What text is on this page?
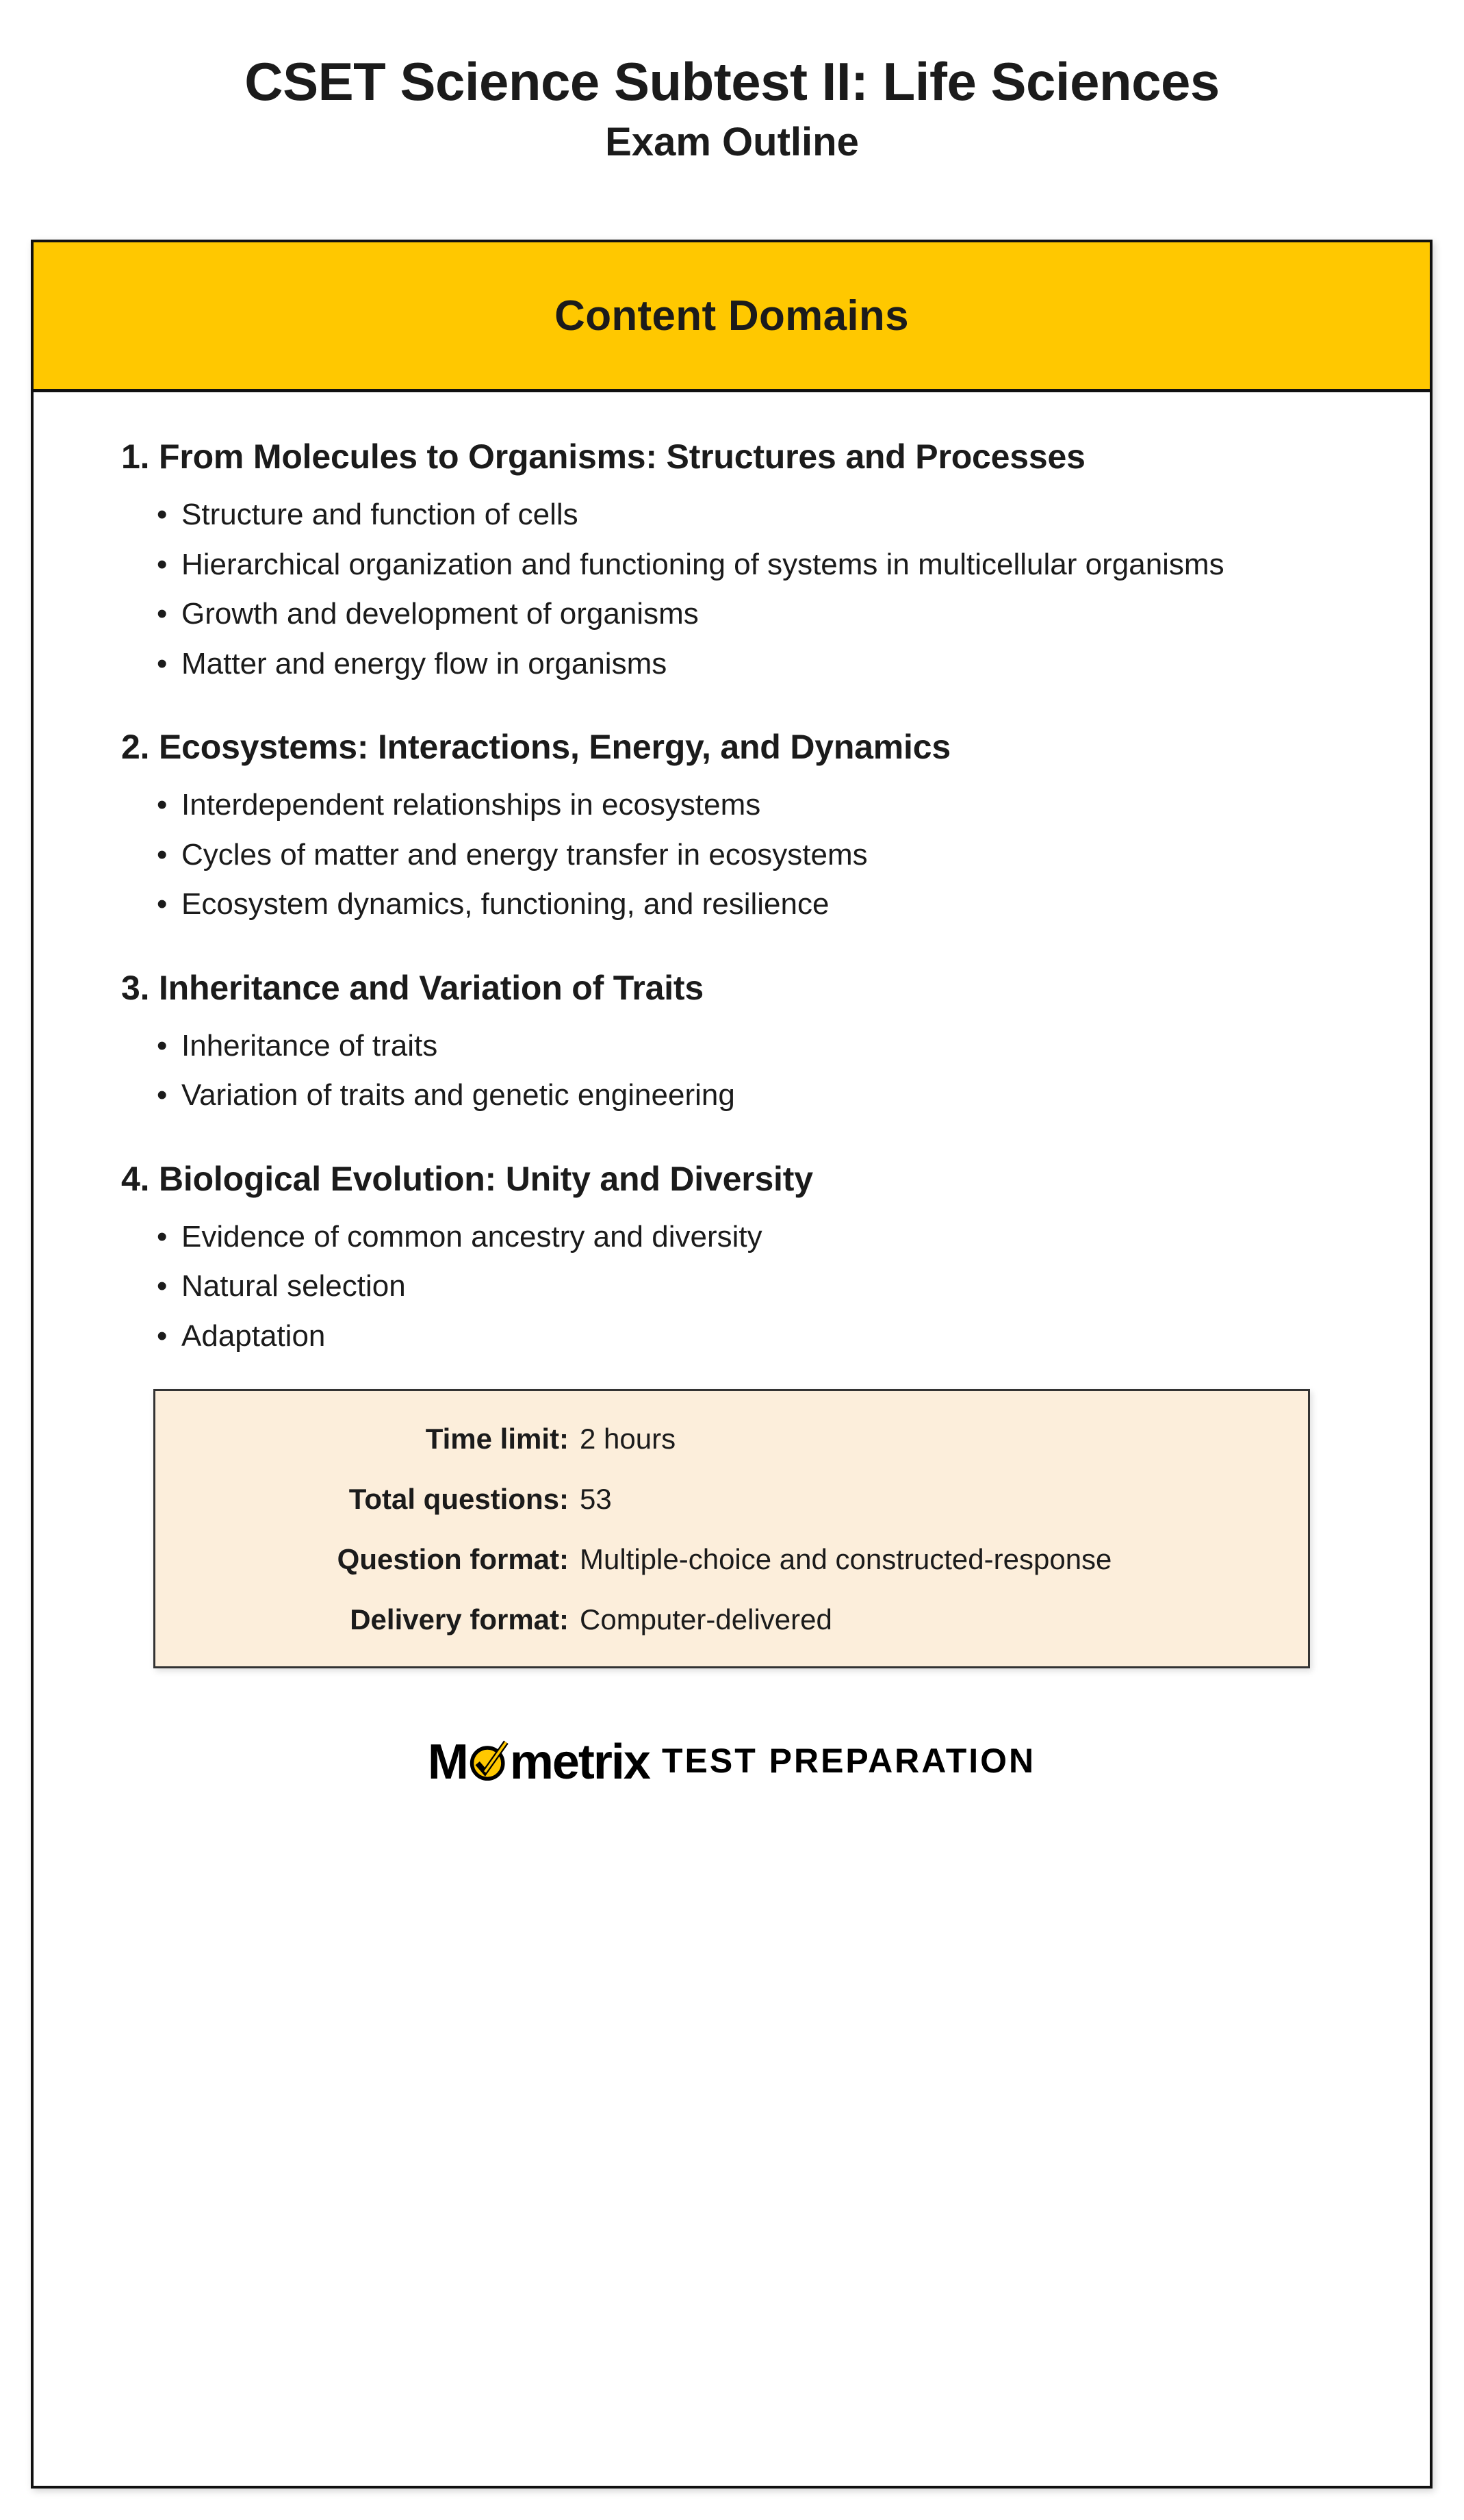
CSET Science Subtest II: Life Sciences
Exam Outline
Content Domains
1. From Molecules to Organisms: Structures and Processes
• Structure and function of cells
• Hierarchical organization and functioning of systems in multicellular organisms
• Growth and development of organisms
• Matter and energy flow in organisms
2. Ecosystems: Interactions, Energy, and Dynamics
• Interdependent relationships in ecosystems
• Cycles of matter and energy transfer in ecosystems
• Ecosystem dynamics, functioning, and resilience
3. Inheritance and Variation of Traits
• Inheritance of traits
• Variation of traits and genetic engineering
4. Biological Evolution: Unity and Diversity
• Evidence of common ancestry and diversity
• Natural selection
• Adaptation
Time limit: 2 hours
Total questions: 53
Question format: Multiple-choice and constructed-response
Delivery format: Computer-delivered
M metrix TEST PREPARATION
